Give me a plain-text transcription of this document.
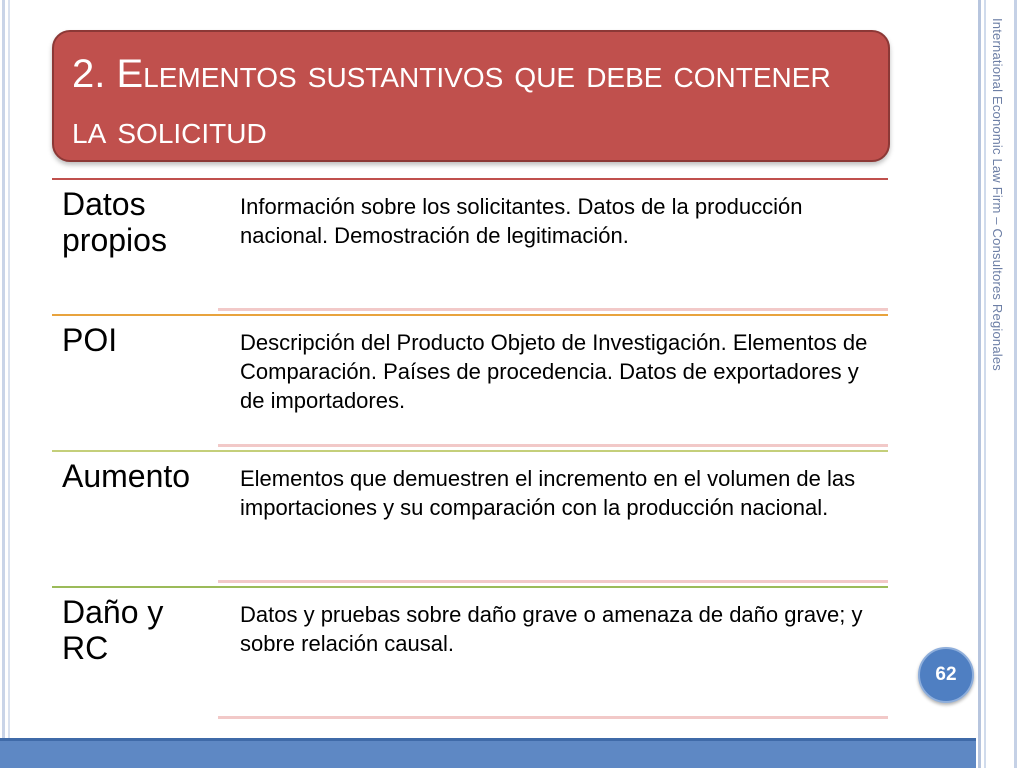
International Economic Law Firm – Consultores Regionales
2. Elementos sustantivos que debe contener la solicitud
Datos propios
Información sobre los solicitantes. Datos de la producción nacional. Demostración de legitimación.
POI	Descripción del Producto Objeto de Investigación. Elementos de Comparación. Países de procedencia. Datos de exportadores y de importadores.
Aumento	Elementos que demuestren el incremento en el volumen de las importaciones y su comparación con la producción nacional.
Daño y RC
Datos y pruebas sobre daño grave o amenaza de daño grave; y sobre relación causal.
62
